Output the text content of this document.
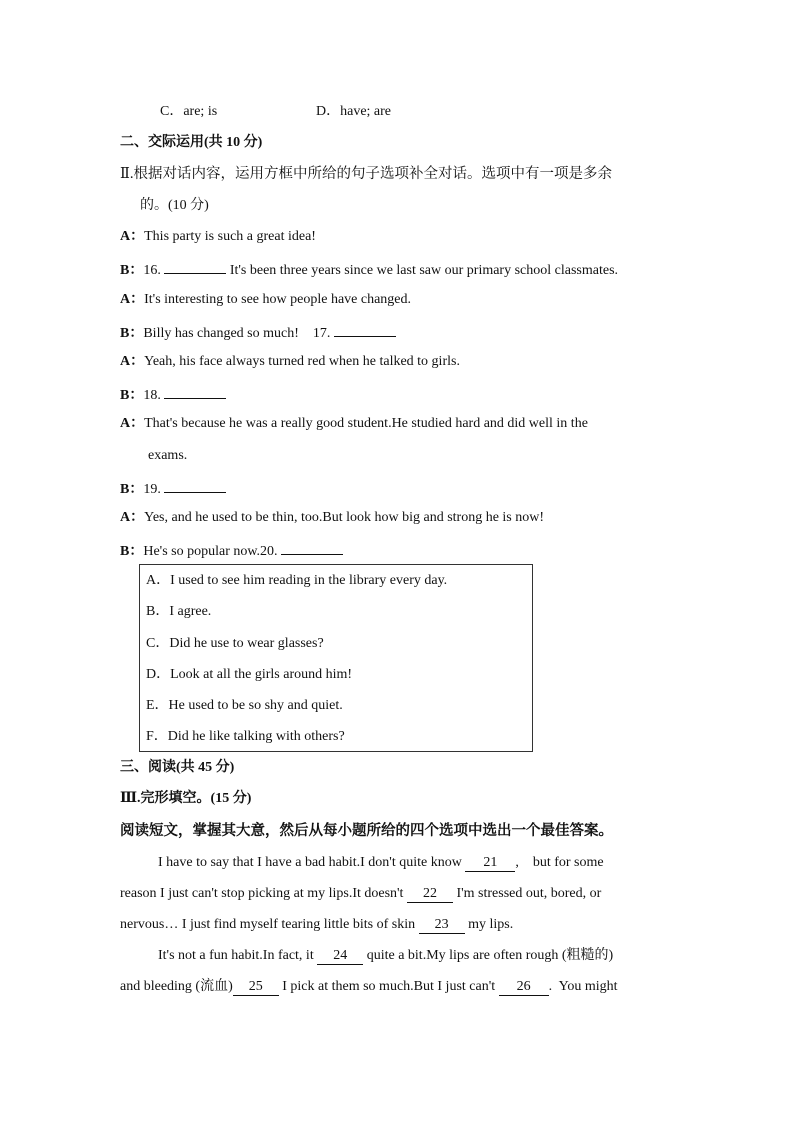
C．are; is	D．have; are
二、交际运用(共 10 分)
Ⅱ.根据对话内容，运用方框中所给的句子选项补全对话。选项中有一项是多余
的。(10 分)
A：This party is such a great idea!
B：16.	It's been three years since we last saw our primary school classmates.
A：It's interesting to see how people have changed.
B：Billy has changed so much!    17.
A：Yeah, his face always turned red when he talked to girls.
B：18.
A：That's because he was a really good student.He studied hard and did well in the
exams.
B：19.
A：Yes, and he used to be thin, too.But look how big and strong he is now!
B：He's so popular now.20.
A．I used to see him reading in the library every day.
B．I agree.
C．Did he use to wear glasses?
D．Look at all the girls around him!
E．He used to be so shy and quiet.
F．Did he like talking with others?
三、阅读(共 45 分)
Ⅲ.完形填空。(15 分)
阅读短文，掌握其大意，然后从每小题所给的四个选项中选出一个最佳答案。
I have to say that I have a bad habit.I don't quite know 21 ,    but for some
reason I just can't stop picking at my lips.It doesn't 22 I'm stressed out, bored, or
nervous… I just find myself tearing little bits of skin 23 my lips.
It's not a fun habit.In fact, it 24 quite a bit.My lips are often rough (粗糙的)
and bleeding (流血) 25 I pick at them so much.But I just can't 26 .  You might
